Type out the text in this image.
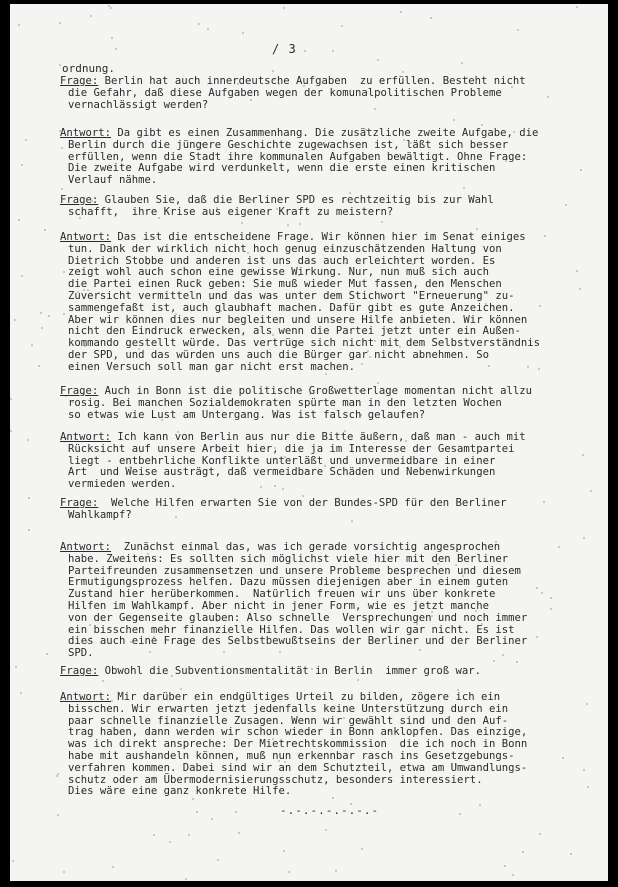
/ 3
ordnung.

Frage: Berlin hat auch innerdeutsche Aufgaben  zu erfüllen. Besteht nicht

die Gefahr, daß diese Aufgaben wegen der komunalpolitischen Probleme

vernachlässigt werden?

Antwort: Da gibt es einen Zusammenhang. Die zusätzliche zweite Aufgabe, die

Berlin durch die jüngere Geschichte zugewachsen ist, läßt sich besser

erfüllen, wenn die Stadt ihre kommunalen Aufgaben bewältigt. Ohne Frage:

Die zweite Aufgabe wird verdunkelt, wenn die erste einen kritischen

Verlauf nähme.

Frage: Glauben Sie, daß die Berliner SPD es rechtzeitig bis zur Wahl

schafft,  ihre Krise aus eigener Kraft zu meistern?

Antwort: Das ist die entscheidene Frage. Wir können hier im Senat einiges

tun. Dank der wirklich nicht hoch genug einzuschätzenden Haltung von

Dietrich Stobbe und anderen ist uns das auch erleichtert worden. Es

zeigt wohl auch schon eine gewisse Wirkung. Nur, nun muß sich auch

die Partei einen Ruck geben: Sie muß wieder Mut fassen, den Menschen

Zuversicht vermitteln und das was unter dem Stichwort "Erneuerung" zu-

sammengefaßt ist, auch glaubhaft machen. Dafür gibt es gute Anzeichen.

Aber wir können dies nur begleiten und unsere Hilfe anbieten. Wir können

nicht den Eindruck erwecken, als wenn die Partei jetzt unter ein Außen-

kommando gestellt würde. Das vertrüge sich nicht mit dem Selbstverständnis

der SPD, und das würden uns auch die Bürger gar nicht abnehmen. So

einen Versuch soll man gar nicht erst machen.

Frage: Auch in Bonn ist die politische Großwetterlage momentan nicht allzu

rosig. Bei manchen Sozialdemokraten spürte man in den letzten Wochen

so etwas wie Lust am Untergang. Was ist falsch gelaufen?

Antwort: Ich kann von Berlin aus nur die Bitte äußern, daß man - auch mit

Rücksicht auf unsere Arbeit hier, die ja im Interesse der Gesamtpartei

liegt - entbehrliche Konflikte unterläßt und unvermeidbare in einer

Art  und Weise austrägt, daß vermeidbare Schäden und Nebenwirkungen

vermieden werden.

Frage:  Welche Hilfen erwarten Sie von der Bundes-SPD für den Berliner

Wahlkampf?

Antwort:  Zunächst einmal das, was ich gerade vorsichtig angesprochen

habe. Zweitens: Es sollten sich möglichst viele hier mit den Berliner

Parteifreunden zusammensetzen und unsere Probleme besprechen und diesem

Ermutigungsprozess helfen. Dazu müssen diejenigen aber in einem guten

Zustand hier herüberkommen.  Natürlich freuen wir uns über konkrete

Hilfen im Wahlkampf. Aber nicht in jener Form, wie es jetzt manche

von der Gegenseite glauben: Also schnelle  Versprechungen und noch immer

ein bisschen mehr finanzielle Hilfen. Das wollen wir gar nicht. Es ist

dies auch eine Frage des Selbstbewußtseins der Berliner und der Berliner

SPD.

Frage: Obwohl die Subventionsmentalität in Berlin  immer groß war.

Antwort: Mir darüber ein endgültiges Urteil zu bilden, zögere ich ein

bisschen. Wir erwarten jetzt jedenfalls keine Unterstützung durch ein

paar schnelle finanzielle Zusagen. Wenn wir gewählt sind und den Auf-

trag haben, dann werden wir schon wieder in Bonn anklopfen. Das einzige,

was ich direkt anspreche: Der Mietrechtskommission  die ich noch in Bonn

habe mit aushandeln können, muß nun erkennbar rasch ins Gesetzgebungs-

verfahren kommen. Dabei sind wir an dem Schutzteil, etwa am Umwandlungs-

schutz oder am Übermodernisierungsschutz, besonders interessiert.

Dies wäre eine ganz konkrete Hilfe.

-.-.-.-.-.-.-
